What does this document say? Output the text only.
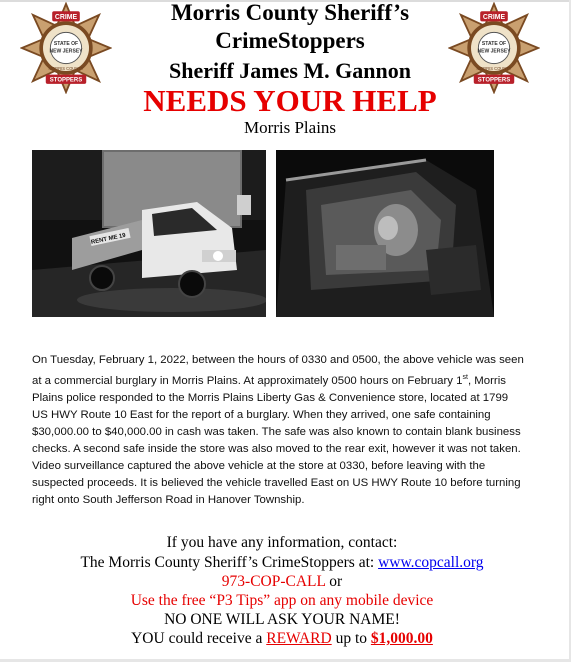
CRIME
STOPPERS
STATE OF
NEW JERSEY
MORRIS COUNTY
CRIME
STOPPERS
STATE OF
NEW JERSEY
MORRIS COUNTY
Morris County Sheriff’s
CrimeStoppers
Sheriff James M. Gannon
NEEDS YOUR HELP
Morris Plains
RENT ME 19

On Tuesday, February 1, 2022, between the hours of 0330 and 0500, the above vehicle was seen at a commercial burglary in Morris Plains. At approximately 0500 hours on February 1st, Morris Plains police responded to the Morris Plains Liberty Gas & Convenience store, located at 1799 US HWY Route 10 East for the report of a burglary. When they arrived, one safe containing $30,000.00 to $40,000.00 in cash was taken. The safe was also known to contain blank business checks. A second safe inside the store was also moved to the rear exit, however it was not taken. Video surveillance captured the above vehicle at the store at 0330, before leaving with the suspected proceeds. It is believed the vehicle travelled East on US HWY Route 10 before turning right onto South Jefferson Road in Hanover Township.

If you have any information, contact:
The Morris County Sheriff’s CrimeStoppers at: www.copcall.org
973-COP-CALL or
Use the free “P3 Tips” app on any mobile device
NO ONE WILL ASK YOUR NAME!
YOU could receive a REWARD up to $1,000.00
